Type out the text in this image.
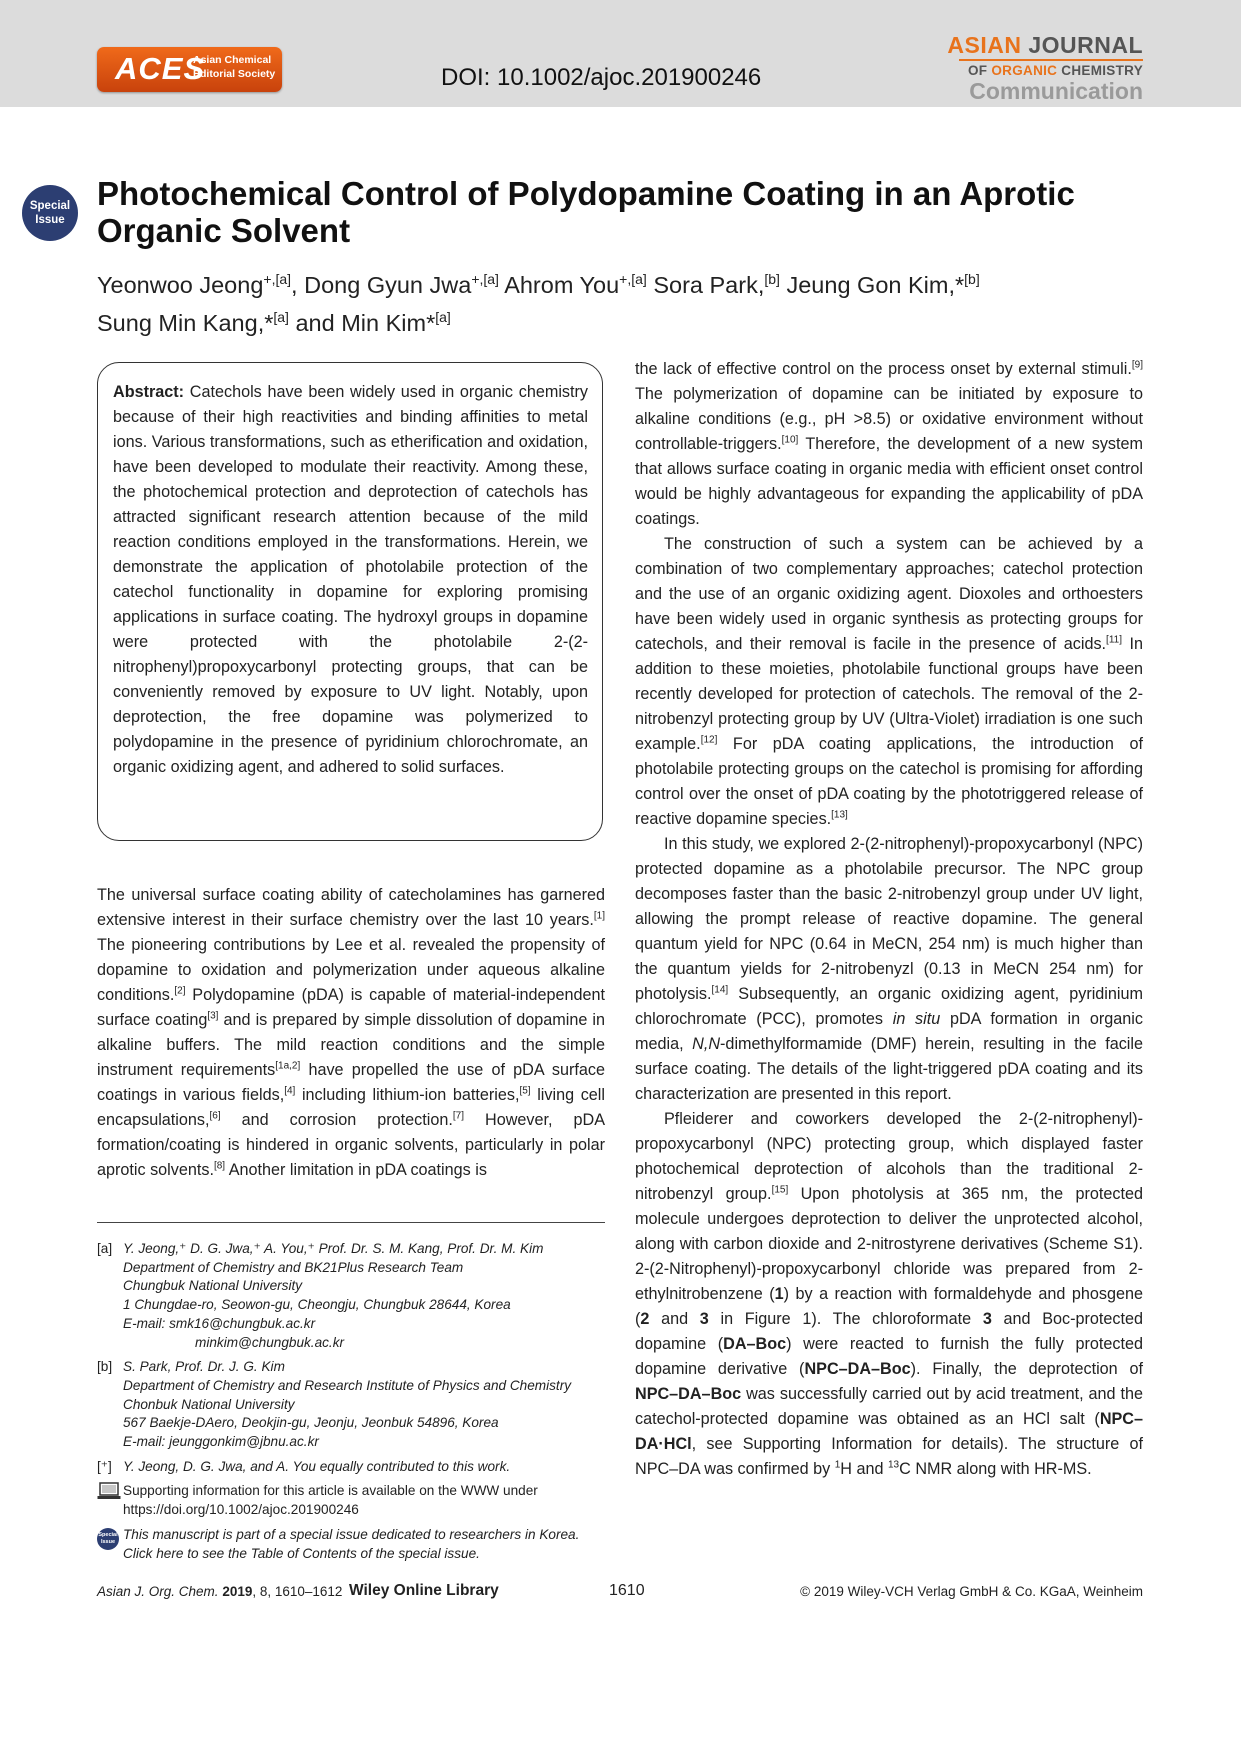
ACES
Asian Chemical Editorial Society	DOI: 10.1002/ajoc.201900246
ASIAN JOURNAL
OF ORGANIC CHEMISTRY
Communication
Special
Issue
Photochemical Control of Polydopamine Coating in an Aprotic Organic Solvent
Yeonwoo Jeong$^{+,[a]}$, Dong Gyun Jwa$^{+,[a]}$ Ahrom You$^{+,[a]}$ Sora Park,[b] Jeung Gon Kim,*[b]
Sung Min Kang,*[a] and Min Kim*[a]

Abstract: Catechols have been widely used in organic chemistry because of their high reactivities and binding affinities to metal ions. Various transformations, such as etherification and oxidation, have been developed to modulate their reactivity. Among these, the photochemical protection and deprotection of catechols has attracted significant research attention because of the mild reaction conditions employed in the transformations. Herein, we demonstrate the application of photolabile protection of the catechol functionality in dopamine for exploring promising applications in surface coating. The hydroxyl groups in dopamine were protected with the photolabile 2-(2-nitrophenyl)propoxycarbonyl protecting groups, that can be conveniently removed by exposure to UV light. Notably, upon deprotection, the free dopamine was polymerized to polydopamine in the presence of pyridinium chlorochromate, an organic oxidizing agent, and adhered to solid surfaces.

The universal surface coating ability of catecholamines has garnered extensive interest in their surface chemistry over the last 10 years.[1] The pioneering contributions by Lee et al. revealed the propensity of dopamine to oxidation and polymerization under aqueous alkaline conditions.[2] Polydopamine (pDA) is capable of material-independent surface coating[3] and is prepared by simple dissolution of dopamine in alkaline buffers. The mild reaction conditions and the simple instrument requirements[1a,2] have propelled the use of pDA surface coatings in various fields,[4] including lithium-ion batteries,[5] living cell encapsulations,[6] and corrosion protection.[7] However, pDA formation/coating is hindered in organic solvents, particularly in polar aprotic solvents.[8] Another limitation in pDA coatings is

[a] Y. Jeong,⁺ D. G. Jwa,⁺ A. You,⁺ Prof. Dr. S. M. Kang, Prof. Dr. M. Kim
Department of Chemistry and BK21Plus Research Team
Chungbuk National University
1 Chungdae-ro, Seowon-gu, Cheongju, Chungbuk 28644, Korea
E-mail: smk16@chungbuk.ac.kr
minkim@chungbuk.ac.kr
[b] S. Park, Prof. Dr. J. G. Kim
Department of Chemistry and Research Institute of Physics and Chemistry
Chonbuk National University
567 Baekje-DAero, Deokjin-gu, Jeonju, Jeonbuk 54896, Korea
E-mail: jeunggonkim@jbnu.ac.kr
[⁺] Y. Jeong, D. G. Jwa, and A. You equally contributed to this work.
Supporting information for this article is available on the WWW under https://doi.org/10.1002/ajoc.201900246
Special
Issue This manuscript is part of a special issue dedicated to researchers in Korea.
Click here to see the Table of Contents of the special issue.

the lack of effective control on the process onset by external stimuli.[9] The polymerization of dopamine can be initiated by exposure to alkaline conditions (e.g., pH >8.5) or oxidative environment without controllable-triggers.[10] Therefore, the development of a new system that allows surface coating in organic media with efficient onset control would be highly advantageous for expanding the applicability of pDA coatings.

The construction of such a system can be achieved by a combination of two complementary approaches; catechol protection and the use of an organic oxidizing agent. Dioxoles and orthoesters have been widely used in organic synthesis as protecting groups for catechols, and their removal is facile in the presence of acids.[11] In addition to these moieties, photolabile functional groups have been recently developed for protection of catechols. The removal of the 2-nitrobenzyl protecting group by UV (Ultra-Violet) irradiation is one such example.[12] For pDA coating applications, the introduction of photolabile protecting groups on the catechol is promising for affording control over the onset of pDA coating by the phototriggered release of reactive dopamine species.[13]

In this study, we explored 2-(2-nitrophenyl)-propoxycarbonyl (NPC) protected dopamine as a photolabile precursor. The NPC group decomposes faster than the basic 2-nitrobenzyl group under UV light, allowing the prompt release of reactive dopamine. The general quantum yield for NPC (0.64 in MeCN, 254 nm) is much higher than the quantum yields for 2-nitrobenyzl (0.13 in MeCN 254 nm) for photolysis.[14] Subsequently, an organic oxidizing agent, pyridinium chlorochromate (PCC), promotes in situ pDA formation in organic media, N,N-dimethylformamide (DMF) herein, resulting in the facile surface coating. The details of the light-triggered pDA coating and its characterization are presented in this report.

Pfleiderer and coworkers developed the 2-(2-nitrophenyl)-propoxycarbonyl (NPC) protecting group, which displayed faster photochemical deprotection of alcohols than the traditional 2-nitrobenzyl group.[15] Upon photolysis at 365 nm, the protected molecule undergoes deprotection to deliver the unprotected alcohol, along with carbon dioxide and 2-nitrostyrene derivatives (Scheme S1). 2-(2-Nitrophenyl)-propoxycarbonyl chloride was prepared from 2-ethylnitrobenzene (1) by a reaction with formaldehyde and phosgene (2 and 3 in Figure 1). The chloroformate 3 and Boc-protected dopamine (DA–Boc) were reacted to furnish the fully protected dopamine derivative (NPC–DA–Boc). Finally, the deprotection of NPC–DA–Boc was successfully carried out by acid treatment, and the catechol-protected dopamine was obtained as an HCl salt (NPC–DA·HCl, see Supporting Information for details). The structure of NPC–DA was confirmed by $^1$H and $^{13}$C NMR along with HR-MS.

Asian J. Org. Chem. 2019, 8, 1610–1612 Wiley Online Library	1610	© 2019 Wiley-VCH Verlag GmbH & Co. KGaA, Weinheim
